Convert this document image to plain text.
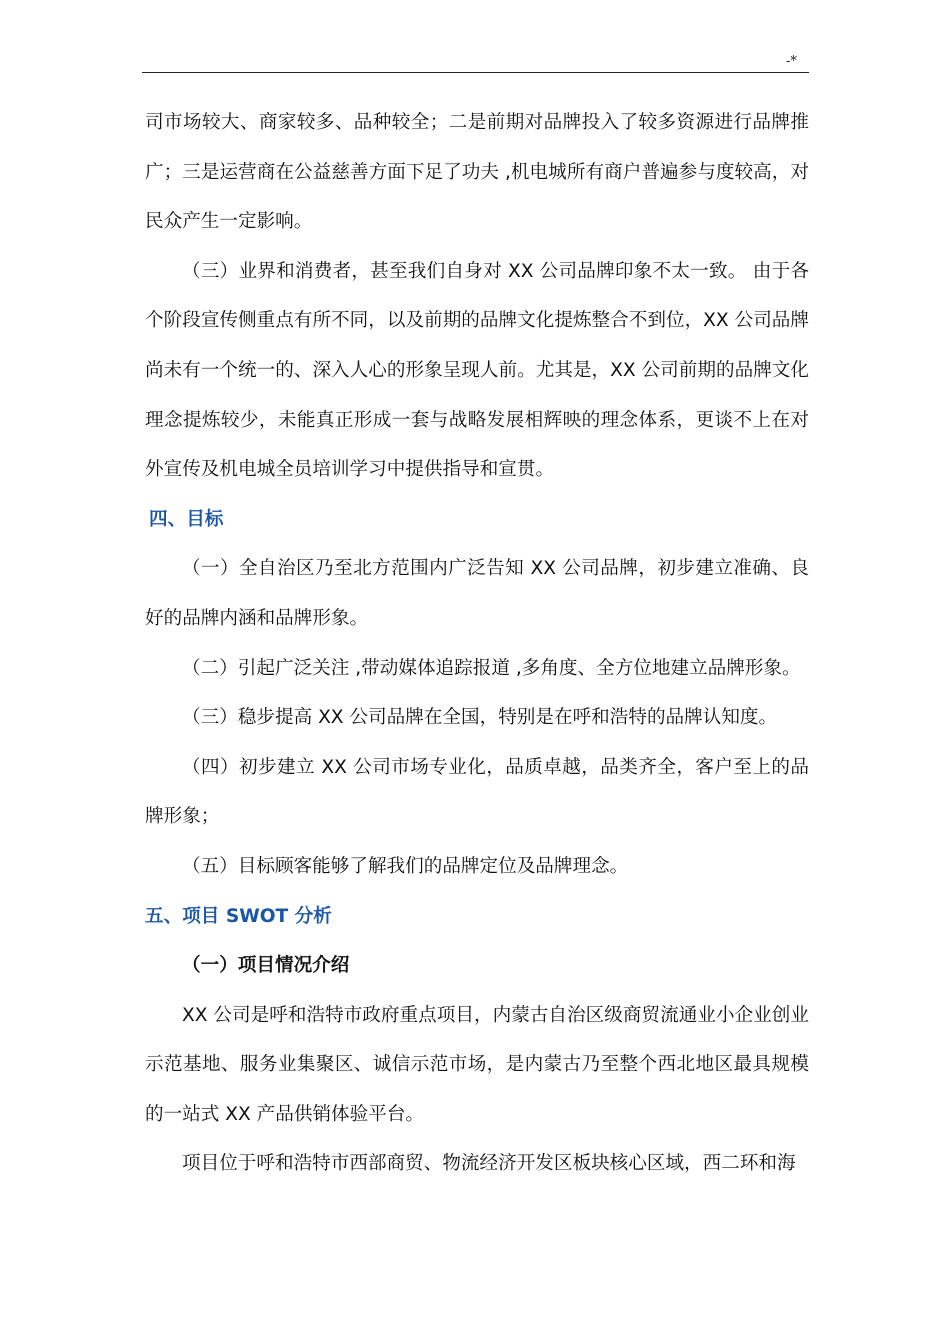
-*

司市场较大、商家较多、品种较全；二是前期对品牌投入了较多资源进行品牌推广；三是运营商在公益慈善方面下足了功夫 ,机电城所有商户普遍参与度较高，对民众产生一定影响。

（三）业界和消费者，甚至我们自身对 XX 公司品牌印象不太一致。 由于各个阶段宣传侧重点有所不同，以及前期的品牌文化提炼整合不到位，XX 公司品牌尚未有一个统一的、深入人心的形象呈现人前。尤其是，XX 公司前期的品牌文化理念提炼较少，未能真正形成一套与战略发展相辉映的理念体系，更谈不上在对外宣传及机电城全员培训学习中提供指导和宣贯。

四、目标

（一）全自治区乃至北方范围内广泛告知 XX 公司品牌，初步建立准确、良好的品牌内涵和品牌形象。

（二）引起广泛关注 ,带动媒体追踪报道 ,多角度、全方位地建立品牌形象。

（三）稳步提高 XX 公司品牌在全国，特别是在呼和浩特的品牌认知度。

（四）初步建立 XX 公司市场专业化，品质卓越，品类齐全，客户至上的品牌形象；

（五）目标顾客能够了解我们的品牌定位及品牌理念。

五、项目 SWOT 分析

（一）项目情况介绍

XX 公司是呼和浩特市政府重点项目，内蒙古自治区级商贸流通业小企业创业示范基地、服务业集聚区、诚信示范市场，是内蒙古乃至整个西北地区最具规模的一站式 XX 产品供销体验平台。

项目位于呼和浩特市西部商贸、物流经济开发区板块核心区域，西二环和海
